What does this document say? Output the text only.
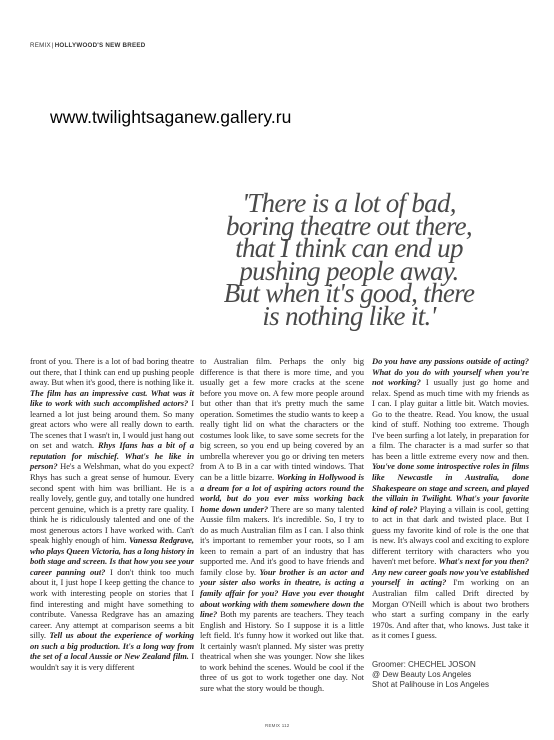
REMIX|HOLLYWOOD'S NEW BREED
www.twilightsaganew.gallery.ru
'There is a lot of bad, boring theatre out there, that I think can end up pushing people away. But when it's good, there is nothing like it.'
front of you. There is a lot of bad boring theatre out there, that I think can end up pushing people away. But when it's good, there is nothing like it. The film has an impressive cast. What was it like to work with such accomplished actors? I learned a lot just being around them. So many great actors who were all really down to earth. The scenes that I wasn't in, I would just hang out on set and watch. Rhys Ifans has a bit of a reputation for mischief. What's he like in person? He's a Welshman, what do you expect? Rhys has such a great sense of humour. Every second spent with him was brilliant. He is a really lovely, gentle guy, and totally one hundred percent genuine, which is a pretty rare quality. I think he is ridiculously talented and one of the most generous actors I have worked with. Can't speak highly enough of him. Vanessa Redgrave, who plays Queen Victoria, has a long history in both stage and screen. Is that how you see your career panning out? I don't think too much about it, I just hope I keep getting the chance to work with interesting people on stories that I find interesting and might have something to contribute. Vanessa Redgrave has an amazing career. Any attempt at comparison seems a bit silly. Tell us about the experience of working on such a big production. It's a long way from the set of a local Aussie or New Zealand film. I wouldn't say it is very different
to Australian film. Perhaps the only big difference is that there is more time, and you usually get a few more cracks at the scene before you move on. A few more people around but other than that it's pretty much the same operation. Sometimes the studio wants to keep a really tight lid on what the characters or the costumes look like, to save some secrets for the big screen, so you end up being covered by an umbrella wherever you go or driving ten meters from A to B in a car with tinted windows. That can be a little bizarre. Working in Hollywood is a dream for a lot of aspiring actors round the world, but do you ever miss working back home down under? There are so many talented Aussie film makers. It's incredible. So, I try to do as much Australian film as I can. I also think it's important to remember your roots, so I am keen to remain a part of an industry that has supported me. And it's good to have friends and family close by. Your brother is an actor and your sister also works in theatre, is acting a family affair for you? Have you ever thought about working with them somewhere down the line? Both my parents are teachers. They teach English and History. So I suppose it is a little left field. It's funny how it worked out like that. It certainly wasn't planned. My sister was pretty theatrical when she was younger. Now she likes to work behind the scenes. Would be cool if the three of us got to work together one day. Not sure what the story would be though.
Do you have any passions outside of acting? What do you do with yourself when you're not working? I usually just go home and relax. Spend as much time with my friends as I can. I play guitar a little bit. Watch movies. Go to the theatre. Read. You know, the usual kind of stuff. Nothing too extreme. Though I've been surfing a lot lately, in preparation for a film. The character is a mad surfer so that has been a little extreme every now and then. You've done some introspective roles in films like Newcastle in Australia, done Shakespeare on stage and screen, and played the villain in Twilight. What's your favorite kind of role? Playing a villain is cool, getting to act in that dark and twisted place. But I guess my favorite kind of role is the one that is new. It's always cool and exciting to explore different territory with characters who you haven't met before. What's next for you then? Any new career goals now you've established yourself in acting? I'm working on an Australian film called Drift directed by Morgan O'Neill which is about two brothers who start a surfing company in the early 1970s. And after that, who knows. Just take it as it comes I guess.
Groomer: CHECHEL JOSON
@ Dew Beauty Los Angeles
Shot at Palihouse in Los Angeles
REMIX 112
